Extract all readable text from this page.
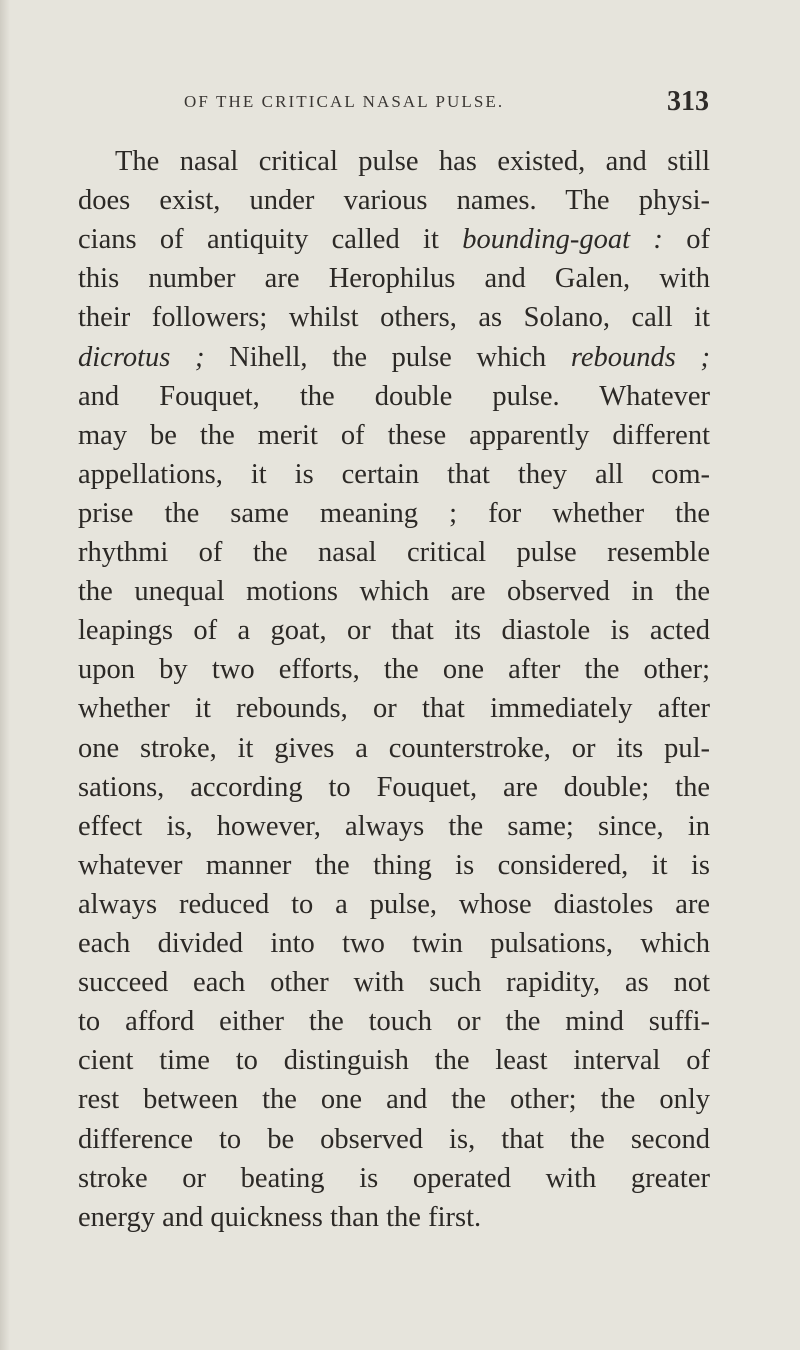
OF THE CRITICAL NASAL PULSE.	313
The nasal critical pulse has existed, and still
does exist, under various names. The physi-
cians of antiquity called it bounding-goat : of
this number are Herophilus and Galen, with
their followers; whilst others, as Solano, call it
dicrotus ; Nihell, the pulse which rebounds ;
and Fouquet, the double pulse. Whatever
may be the merit of these apparently different
appellations, it is certain that they all com-
prise the same meaning ; for whether the
rhythmi of the nasal critical pulse resemble
the unequal motions which are observed in the
leapings of a goat, or that its diastole is acted
upon by two efforts, the one after the other;
whether it rebounds, or that immediately after
one stroke, it gives a counterstroke, or its pul-
sations, according to Fouquet, are double; the
effect is, however, always the same; since, in
whatever manner the thing is considered, it is
always reduced to a pulse, whose diastoles are
each divided into two twin pulsations, which
succeed each other with such rapidity, as not
to afford either the touch or the mind suffi-
cient time to distinguish the least interval of
rest between the one and the other; the only
difference to be observed is, that the second
stroke or beating is operated with greater
energy and quickness than the first.
